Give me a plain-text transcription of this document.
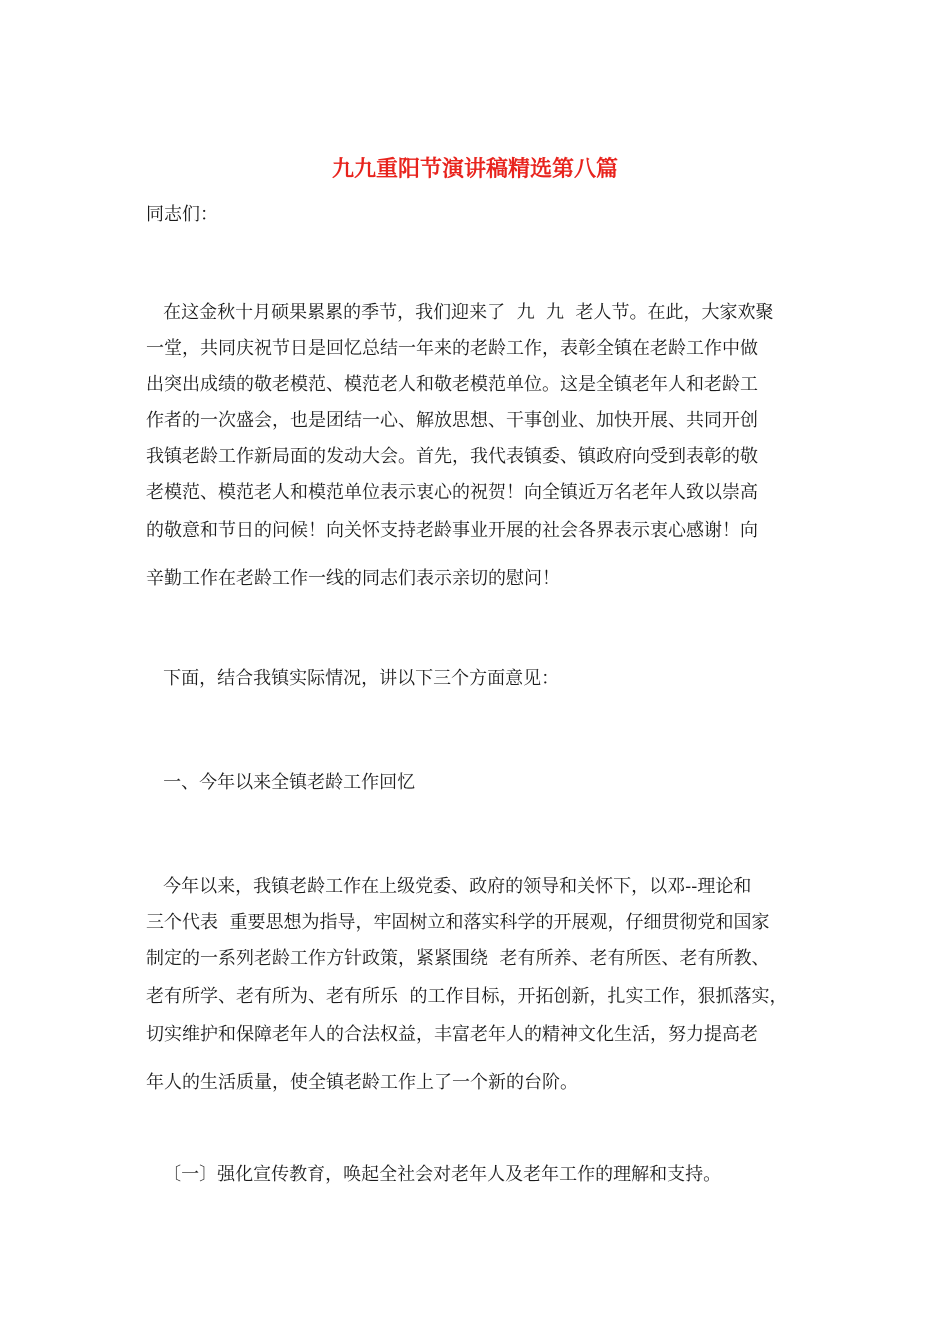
九九重阳节演讲稿精选第八篇
同志们：
在这金秋十月硕果累累的季节，我们迎来了  九  九  老人节。在此，大家欢聚
一堂，共同庆祝节日是回忆总结一年来的老龄工作，表彰全镇在老龄工作中做
出突出成绩的敬老模范、模范老人和敬老模范单位。这是全镇老年人和老龄工
作者的一次盛会，也是团结一心、解放思想、干事创业、加快开展、共同开创
我镇老龄工作新局面的发动大会。首先，我代表镇委、镇政府向受到表彰的敬
老模范、模范老人和模范单位表示衷心的祝贺！向全镇近万名老年人致以崇高
的敬意和节日的问候！向关怀支持老龄事业开展的社会各界表示衷心感谢！向
辛勤工作在老龄工作一线的同志们表示亲切的慰问！
下面，结合我镇实际情况，讲以下三个方面意见：
一、今年以来全镇老龄工作回忆
今年以来，我镇老龄工作在上级党委、政府的领导和关怀下，以邓--理论和
三个代表  重要思想为指导，牢固树立和落实科学的开展观，仔细贯彻党和国家
制定的一系列老龄工作方针政策，紧紧围绕  老有所养、老有所医、老有所教、
老有所学、老有所为、老有所乐  的工作目标，开拓创新，扎实工作，狠抓落实，
切实维护和保障老年人的合法权益，丰富老年人的精神文化生活，努力提高老
年人的生活质量，使全镇老龄工作上了一个新的台阶。
〔一〕强化宣传教育，唤起全社会对老年人及老年工作的理解和支持。
